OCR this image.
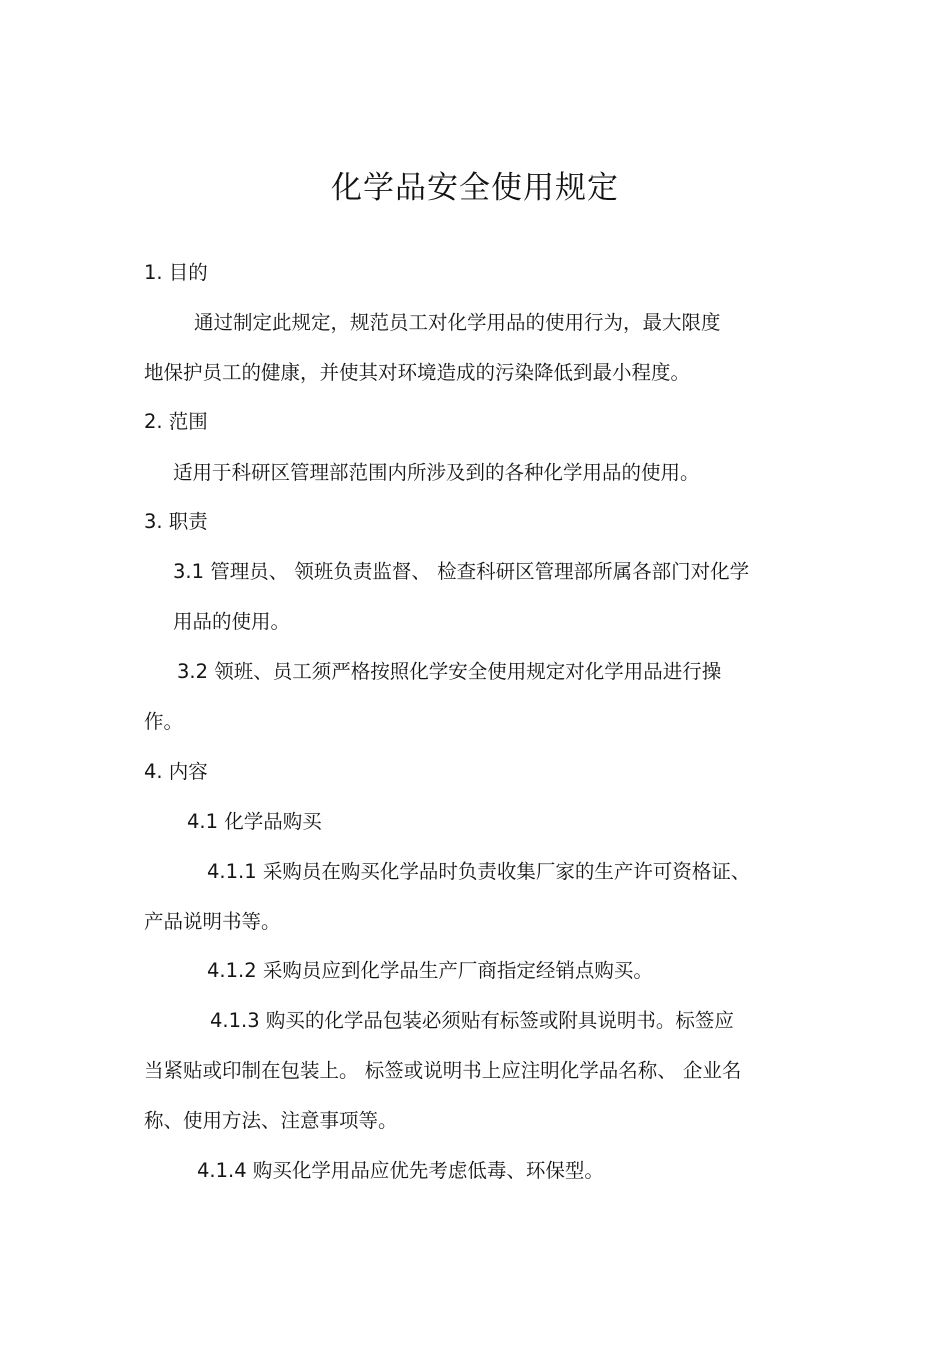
化学品安全使用规定
1. 目的
通过制定此规定，规范员工对化学用品的使用行为，最大限度
地保护员工的健康，并使其对环境造成的污染降低到最小程度。
2. 范围
适用于科研区管理部范围内所涉及到的各种化学用品的使用。
3. 职责
3.1 管理员、 领班负责监督、 检查科研区管理部所属各部门对化学
用品的使用。
3.2 领班、员工须严格按照化学安全使用规定对化学用品进行操
作。
4. 内容
4.1 化学品购买
4.1.1 采购员在购买化学品时负责收集厂家的生产许可资格证、
产品说明书等。
4.1.2 采购员应到化学品生产厂商指定经销点购买。
4.1.3 购买的化学品包装必须贴有标签或附具说明书。标签应
当紧贴或印制在包装上。 标签或说明书上应注明化学品名称、 企业名
称、使用方法、注意事项等。
4.1.4 购买化学用品应优先考虑低毒、环保型。
